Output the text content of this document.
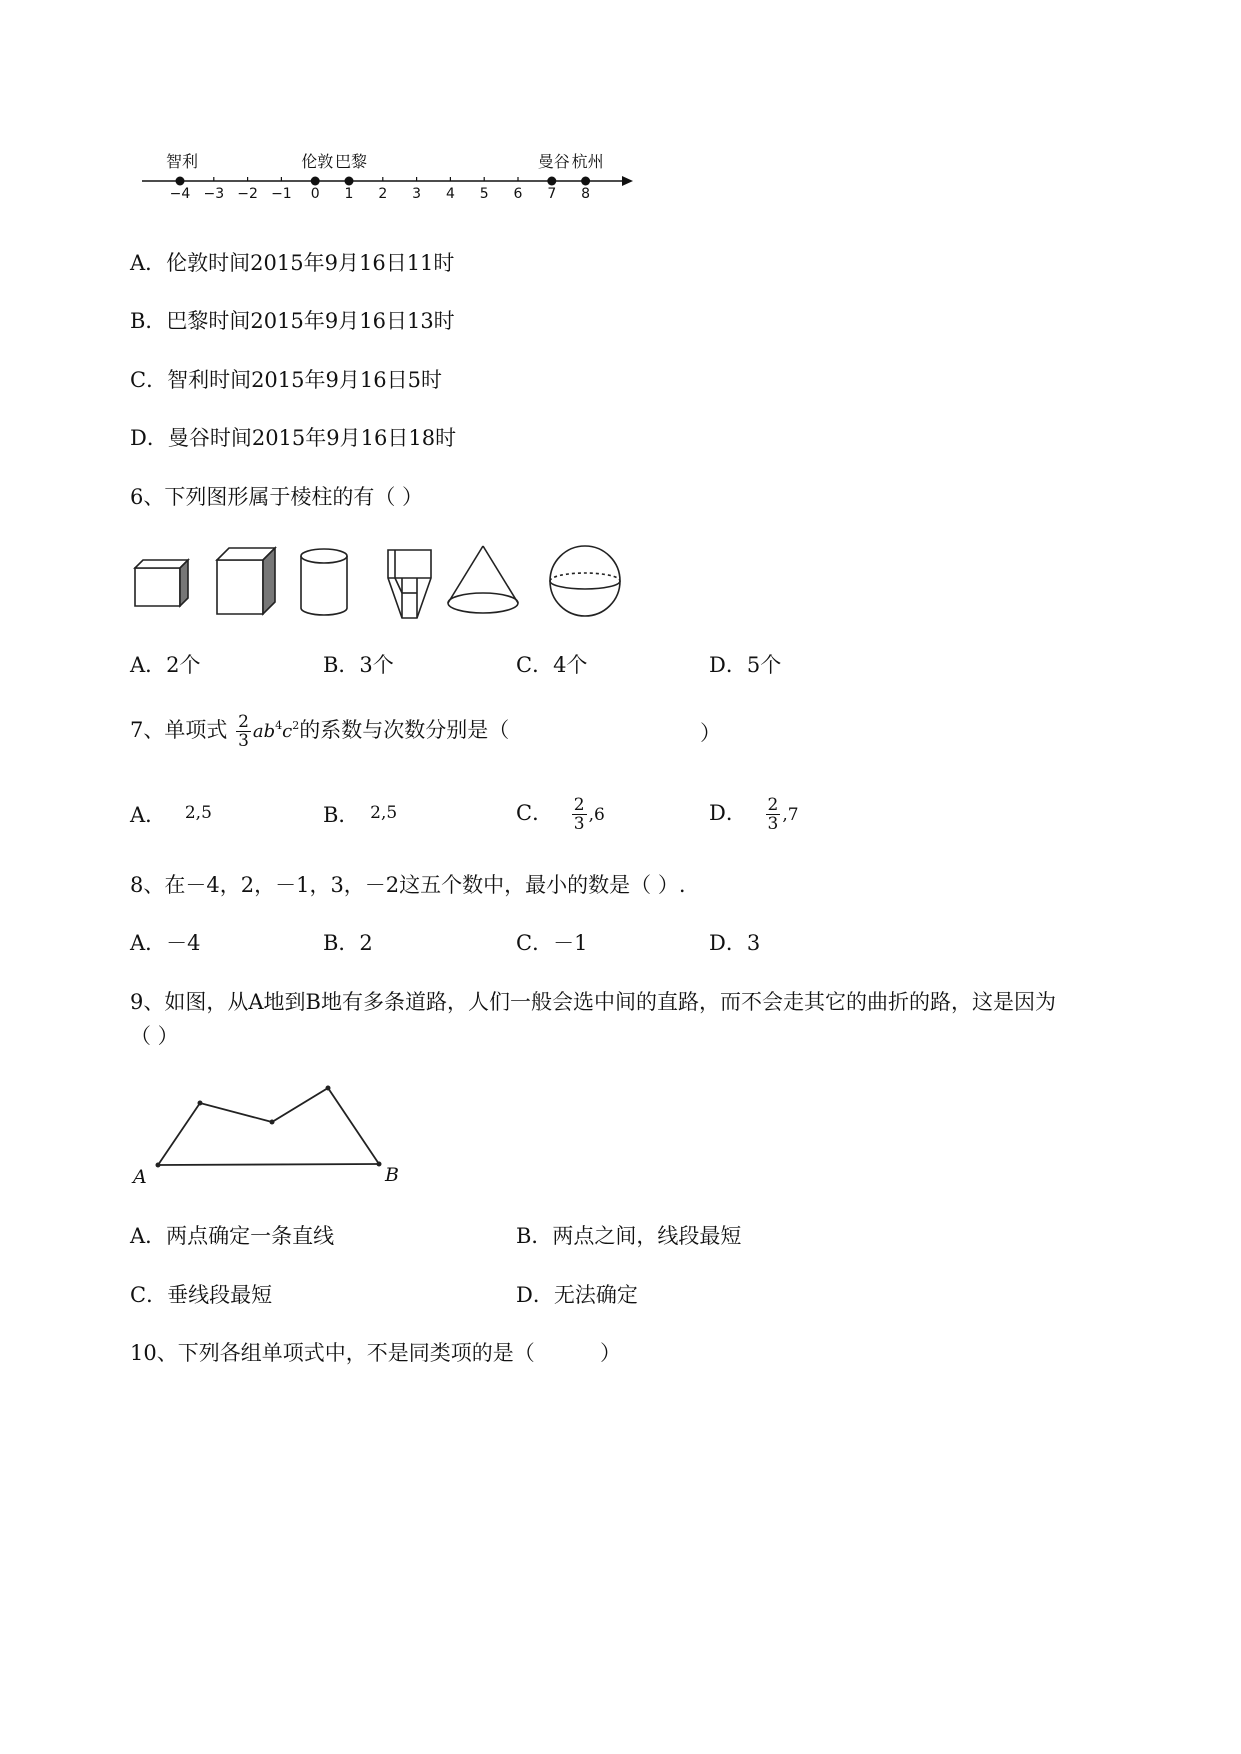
−4 −3 −2 −1 0 1 2 3 4 5 6 7 8
智利	伦敦 巴黎	曼谷 杭州
A．伦敦时间2015年9月16日11时
B．巴黎时间2015年9月16日13时
C．智利时间2015年9月16日5时
D．曼谷时间2015年9月16日18时
6、下列图形属于棱柱的有（ ）
A．2个	B．3个	C．4个	D．5个
7、单项式 $\frac{2}{3} ab^4c^2$的系数与次数分别是（	）
A． 2,5	B． 2,5	C． $\frac{2}{3} ,6$	D． $\frac{2}{3} ,7$
8、在－4，2，－1，3，－2这五个数中，最小的数是（ ）.
A．－4	B．2	C．－1	D．3
9、如图，从A地到B地有多条道路，人们一般会选中间的直路，而不会走其它的曲折的路，这是因为
（ ）
A	B
A．两点确定一条直线	B．两点之间，线段最短
C．垂线段最短	D．无法确定
10、下列各组单项式中，不是同类项的是（	）
